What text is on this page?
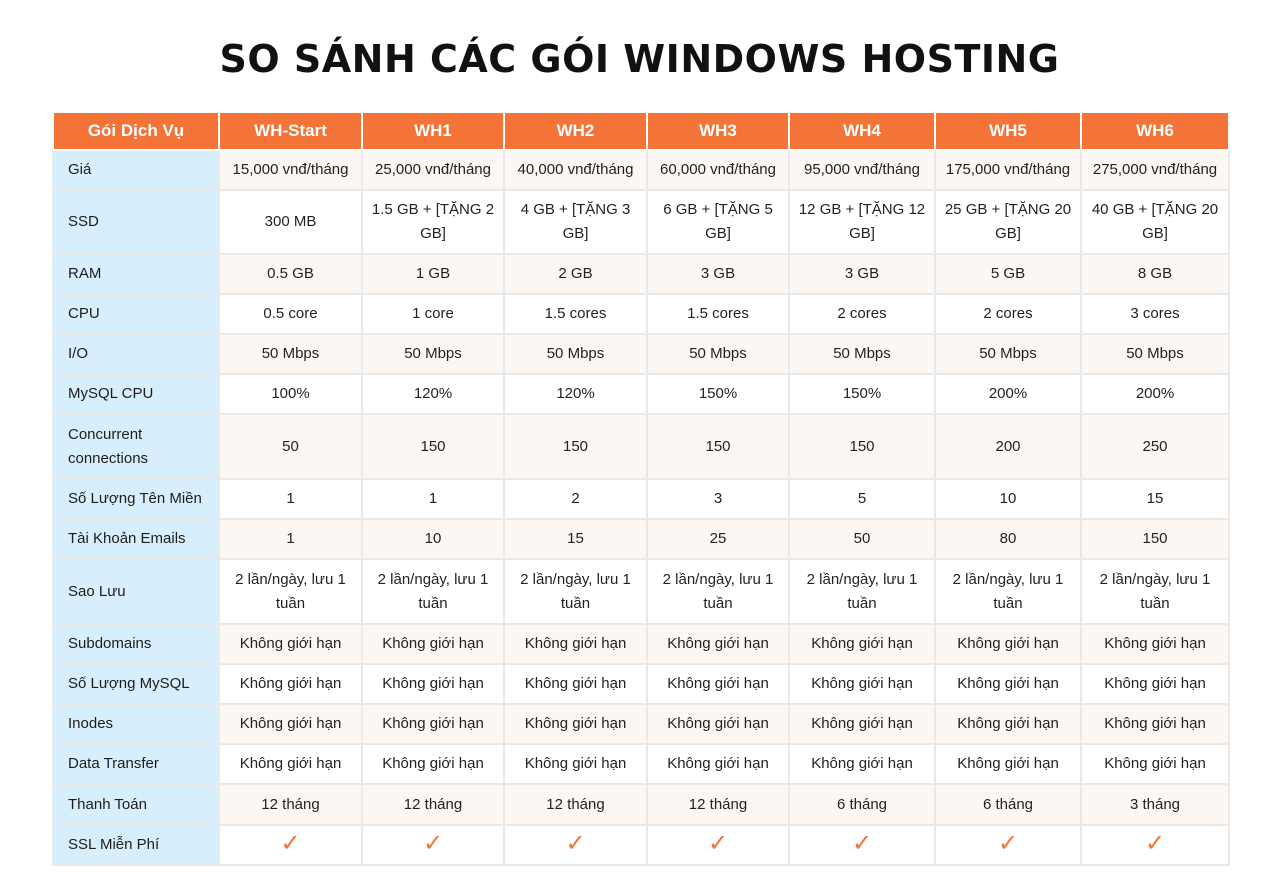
SO SÁNH CÁC GÓI WINDOWS HOSTING
Gói Dịch Vụ	WH-Start	WH1	WH2	WH3	WH4	WH5	WH6
Giá	15,000 vnđ/tháng	25,000 vnđ/tháng	40,000 vnđ/tháng	60,000 vnđ/tháng	95,000 vnđ/tháng	175,000 vnđ/tháng	275,000 vnđ/tháng
SSD	300 MB	1.5 GB + [TẶNG 2 GB]	4 GB + [TẶNG 3 GB]	6 GB + [TẶNG 5 GB]	12 GB + [TẶNG 12 GB]	25 GB + [TẶNG 20 GB]	40 GB + [TẶNG 20 GB]
RAM	0.5 GB	1 GB	2 GB	3 GB	3 GB	5 GB	8 GB
CPU	0.5 core	1 core	1.5 cores	1.5 cores	2 cores	2 cores	3 cores
I/O	50 Mbps	50 Mbps	50 Mbps	50 Mbps	50 Mbps	50 Mbps	50 Mbps
MySQL CPU	100%	120%	120%	150%	150%	200%	200%
Concurrent connections	50	150	150	150	150	200	250
Số Lượng Tên Miền	1	1	2	3	5	10	15
Tài Khoản Emails	1	10	15	25	50	80	150
Sao Lưu	2 lần/ngày, lưu 1 tuần	2 lần/ngày, lưu 1 tuần	2 lần/ngày, lưu 1 tuần	2 lần/ngày, lưu 1 tuần	2 lần/ngày, lưu 1 tuần	2 lần/ngày, lưu 1 tuần	2 lần/ngày, lưu 1 tuần
Subdomains	Không giới hạn	Không giới hạn	Không giới hạn	Không giới hạn	Không giới hạn	Không giới hạn	Không giới hạn
Số Lượng MySQL	Không giới hạn	Không giới hạn	Không giới hạn	Không giới hạn	Không giới hạn	Không giới hạn	Không giới hạn
Inodes	Không giới hạn	Không giới hạn	Không giới hạn	Không giới hạn	Không giới hạn	Không giới hạn	Không giới hạn
Data Transfer	Không giới hạn	Không giới hạn	Không giới hạn	Không giới hạn	Không giới hạn	Không giới hạn	Không giới hạn
Thanh Toán	12 tháng	12 tháng	12 tháng	12 tháng	6 tháng	6 tháng	3 tháng
SSL Miễn Phí	✓	✓	✓	✓	✓	✓	✓
